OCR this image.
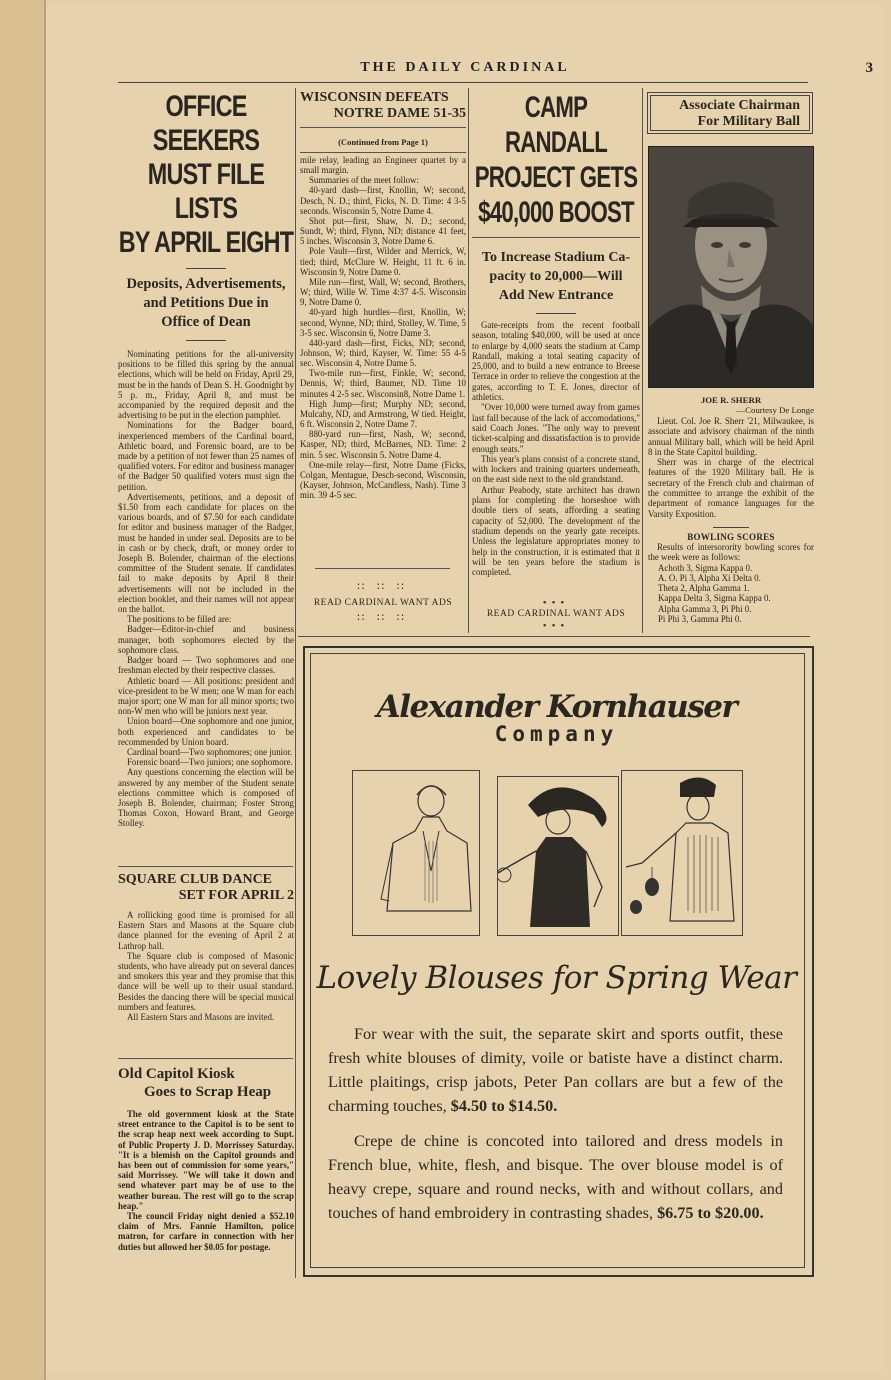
THE DAILY CARDINAL	3
OFFICE SEEKERS
MUST FILE LISTS
BY APRIL EIGHT
Deposits, Advertisements,
and Petitions Due in
Office of Dean

Nominating petitions for the all-university positions to be filled this spring by the annual elections, which will be held on Friday, April 29, must be in the hands of Dean S. H. Goodnight by 5 p. m., Friday, April 8, and must be accompanied by the required deposit and the advertising to be put in the election pamphlet.

Nominations for the Badger board, inexperienced members of the Cardinal board, Athletic board, and Forensic board, are to be made by a petition of not fewer than 25 names of qualified voters. For editor and business manager of the Badger 50 qualified voters must sign the petition.

Advertisements, petitions, and a deposit of $1.50 from each candidate for places on the various boards, and of $7.50 for each candidate for editor and business manager of the Badger, must be handed in under seal. Deposits are to be in cash or by check, draft, or money order to Joseph B. Bolender, chairman of the elections committee of the Student senate. If candidates fail to make deposits by April 8 their advertisements will not be included in the election booklet, and their names will not appear on the ballot.

The positions to be filled are:

Badger—Editor-in-chief and business manager, both sophomores elected by the sophomore class.

Badger board — Two sophomores and one freshman elected by their respective classes.

Athletic board — All positions: president and vice-president to be W men; one W man for each major sport; one W man for all minor sports; two non-W men who will be juniors next year.

Union board—One sophomore and one junior, both experienced and candidates to be recommended by Union board.

Cardinal board—Two sophomores; one junior.

Forensic board—Two juniors; one sophomore.

Any questions concerning the election will be answered by any member of the Student senate elections committee which is composed of Joseph B. Bolender, chairman; Foster Strong Thomas Coxon, Howard Brant, and George Stolley.

SQUARE CLUB DANCE
SET FOR APRIL 2

A rollicking good time is promised for all Eastern Stars and Masons at the Square club dance planned for the evening of April 2 at Lathrop hall.

The Square club is composed of Masonic students, who have already put on several dances and smokers this year and they promise that this dance will be well up to their usual standard. Besides the dancing there will be special musical numbers and features.

All Eastern Stars and Masons are invited.

Old Capitol Kiosk
Goes to Scrap Heap

The old government kiosk at the State street entrance to the Capitol is to be sent to the scrap heap next week according to Supt. of Public Property J. D. Morrissey Saturday. "It is a blemish on the Capitol grounds and has been out of commission for some years," said Morrissey. "We will take it down and send whatever part may be of use to the weather bureau. The rest will go to the scrap heap."

The council Friday night denied a $52.10 claim of Mrs. Fannie Hamilton, police matron, for carfare in connection with her duties but allowed her $0.05 for postage.

WISCONSIN DEFEATS
NOTRE DAME 51-35
(Continued from Page 1)

mile relay, leading an Engineer quartet by a small margin.

Summaries of the meet follow:

40-yard dash—first, Knollin, W; second, Desch, N. D.; third, Ficks, N. D. Time: 4 3-5 seconds. Wisconsin 5, Notre Dame 4.

Shot put—first, Shaw, N. D.; second, Sundt, W; third, Flynn, ND; distance 41 feet, 5 inches. Wisconsin 3, Notre Dame 6.

Pole Vault—first, Wilder and Merrick, W, tied; third, McClure W. Height, 11 ft. 6 in. Wisconsin 9, Notre Dame 0.

Mile run—first, Wall, W; second, Brothers, W; third, Wille W. Time 4:37 4-5. Wisconsin 9, Notre Dame 0.

40-yard high hurdles—first, Knollin, W; second, Wynne, ND; third, Stolley, W. Time, 5 3-5 sec. Wisconsin 6, Notre Dame 3.

440-yard dash—first, Ficks, ND; second, Johnson, W; third, Kayser, W. Time: 55 4-5 sec. Wisconsin 4, Notre Dame 5.

Two-mile run—first, Finkle, W; second, Dennis, W; third, Baumer, ND. Time 10 minutes 4 2-5 sec. Wisconsin8, Notre Dame 1.

High Jump—first; Murphy ND; second, Mulcahy, ND, and Armstrong, W tied. Height, 6 ft. Wisconsin 2, Notre Dame 7.

880-yard run—first, Nash, W; second, Kasper, ND; third, McBarnes, ND. Time: 2 min. 5 sec. Wisconsin 5. Notre Dame 4.

One-mile relay—first, Notre Dame (Ficks, Colgan, Mentague, Desch-second, Wisconsin, (Kayser, Johnson, McCandless, Nash). Time 3 min. 39 4-5 sec.

∷ ∷ ∷
READ CARDINAL WANT ADS
∷ ∷ ∷
CAMP RANDALL
PROJECT GETS
$40,000 BOOST
To Increase Stadium Ca-
pacity to 20,000—Will
Add New Entrance

Gate-receipts from the recent football season, totaling $40,000, will be used at once to enlarge by 4,000 seats the stadium at Camp Randall, making a total seating capacity of 25,000, and to build a new entrance to Breese Terrace in order to relieve the congestion at the gates, according to T. E. Jones, director of athletics.

"Over 10,000 were turned away from games last fall because of the lack of accomodations," said Coach Jones. "The only way to prevent ticket-scalping and dissatisfaction is to provide enough seats."

This year's plans consist of a concrete stand, with lockers and training quarters underneath, on the east side next to the old grandstand.

Arthur Peabody, state architect has drawn plans for completing the horseshoe with double tiers of seats, affording a seating capacity of 52,000. The development of the stadium depends on the yearly gate receipts. Unless the legislature appropriates money to help in the construction, it is estimated that it will be ten years before the stadium is completed.

•••
READ CARDINAL WANT ADS
•••
Associate Chairman
For Military Ball
JOE R. SHERR
—Courtesy De Longe

Lieut. Col. Joe R. Sherr '21, Milwaukee, is associate and advisory chairman of the ninth annual Military ball, which will be held April 8 in the State Capitol building.

Sherr was in charge of the electrical features of the 1920 Military ball. He is secretary of the French club and chairman of the committee to arrange the exhibit of the department of romance languages for the Varsity Exposition.

BOWLING SCORES

Results of intersorority bowling scores for the week were as follows:

Achoth 3, Sigma Kappa 0.
A. O. Pi 3, Alpha Xi Delta 0.
Theta 2, Alpha Gamma 1.
Kappa Delta 3, Sigma Kappa 0.
Alpha Gamma 3, Pi Phi 0.
Pi Phi 3, Gamma Phi 0.
Alexander Kornhauser
Company
Lovely Blouses for Spring Wear

For wear with the suit, the separate skirt and sports outfit, these fresh white blouses of dimity, voile or batiste have a distinct charm. Little plaitings, crisp jabots, Peter Pan collars are but a few of the charming touches, $4.50 to $14.50.

Crepe de chine is concoted into tailored and dress models in French blue, white, flesh, and bisque. The over blouse model is of heavy crepe, square and round necks, with and without collars, and touches of hand embroidery in contrasting shades, $6.75 to $20.00.
